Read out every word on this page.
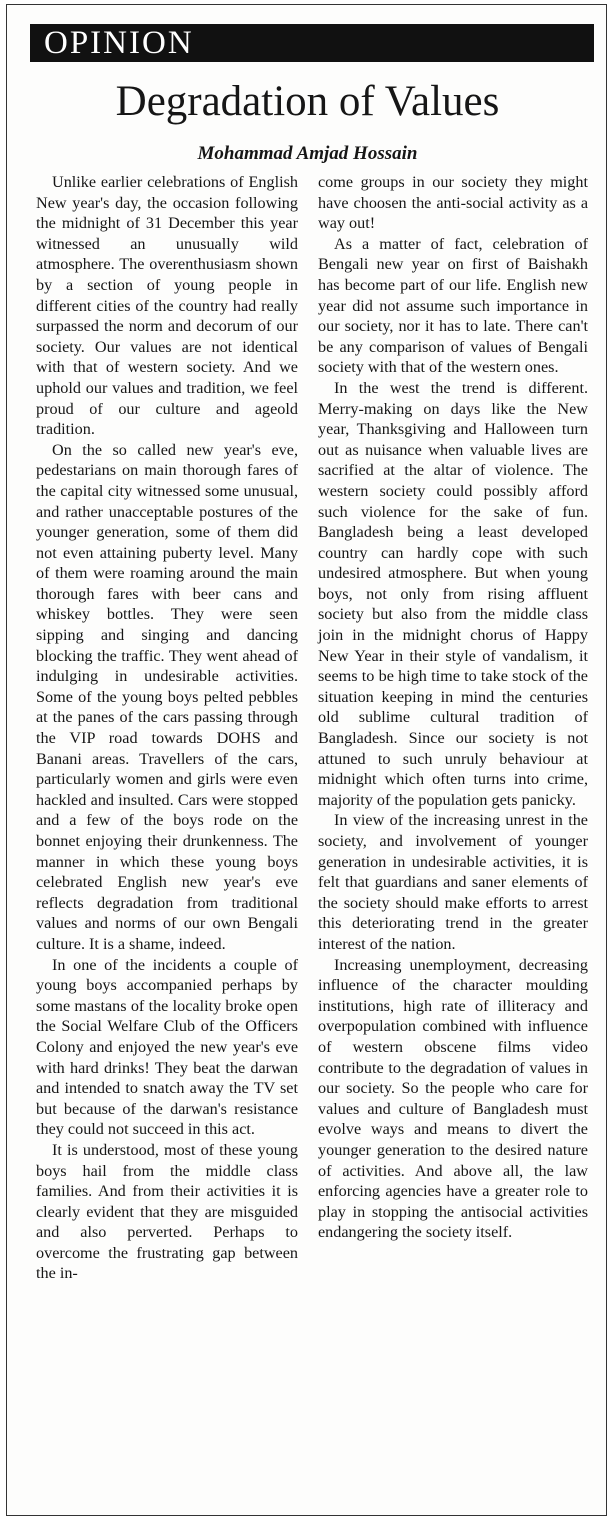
OPINION
Degradation of Values
Mohammad Amjad Hossain

Unlike earlier celebrations of English New year's day, the occasion following the midnight of 31 December this year witnessed an unusually wild atmosphere. The overenthusiasm shown by a section of young people in different cities of the country had really surpassed the norm and decorum of our society. Our values are not identical with that of western society. And we uphold our values and tradition, we feel proud of our culture and ageold tradition.

On the so called new year's eve, pedestarians on main thorough fares of the capital city witnessed some unusual, and rather unacceptable postures of the younger generation, some of them did not even attaining puberty level. Many of them were roaming around the main thorough fares with beer cans and whiskey bottles. They were seen sipping and singing and dancing blocking the traffic. They went ahead of indulging in undesirable activities. Some of the young boys pelted pebbles at the panes of the cars passing through the VIP road towards DOHS and Banani areas. Travellers of the cars, particularly women and girls were even hackled and insulted. Cars were stopped and a few of the boys rode on the bonnet enjoying their drunkenness. The manner in which these young boys celebrated English new year's eve reflects degradation from traditional values and norms of our own Bengali culture. It is a shame, indeed.

In one of the incidents a couple of young boys accompanied perhaps by some mastans of the locality broke open the Social Welfare Club of the Officers Colony and enjoyed the new year's eve with hard drinks! They beat the darwan and intended to snatch away the TV set but because of the darwan's resistance they could not succeed in this act.

It is understood, most of these young boys hail from the middle class families. And from their activities it is clearly evident that they are misguided and also perverted. Perhaps to overcome the frustrating gap between the in-

come groups in our society they might have choosen the anti-social activity as a way out!

As a matter of fact, celebration of Bengali new year on first of Baishakh has become part of our life. English new year did not assume such importance in our society, nor it has to late. There can't be any comparison of values of Bengali society with that of the western ones.

In the west the trend is different. Merry-making on days like the New year, Thanksgiving and Halloween turn out as nuisance when valuable lives are sacrified at the altar of violence. The western society could possibly afford such violence for the sake of fun. Bangladesh being a least developed country can hardly cope with such undesired atmosphere. But when young boys, not only from rising affluent society but also from the middle class join in the midnight chorus of Happy New Year in their style of vandalism, it seems to be high time to take stock of the situation keeping in mind the centuries old sublime cultural tradition of Bangladesh. Since our society is not attuned to such unruly behaviour at midnight which often turns into crime, majority of the population gets panicky.

In view of the increasing unrest in the society, and involvement of younger generation in undesirable activities, it is felt that guardians and saner elements of the society should make efforts to arrest this deteriorating trend in the greater interest of the nation.

Increasing unemployment, decreasing influence of the character moulding institutions, high rate of illiteracy and overpopulation combined with influence of western obscene films video contribute to the degradation of values in our society. So the people who care for values and culture of Bangladesh must evolve ways and means to divert the younger generation to the desired nature of activities. And above all, the law enforcing agencies have a greater role to play in stopping the antisocial activities endangering the society itself.
